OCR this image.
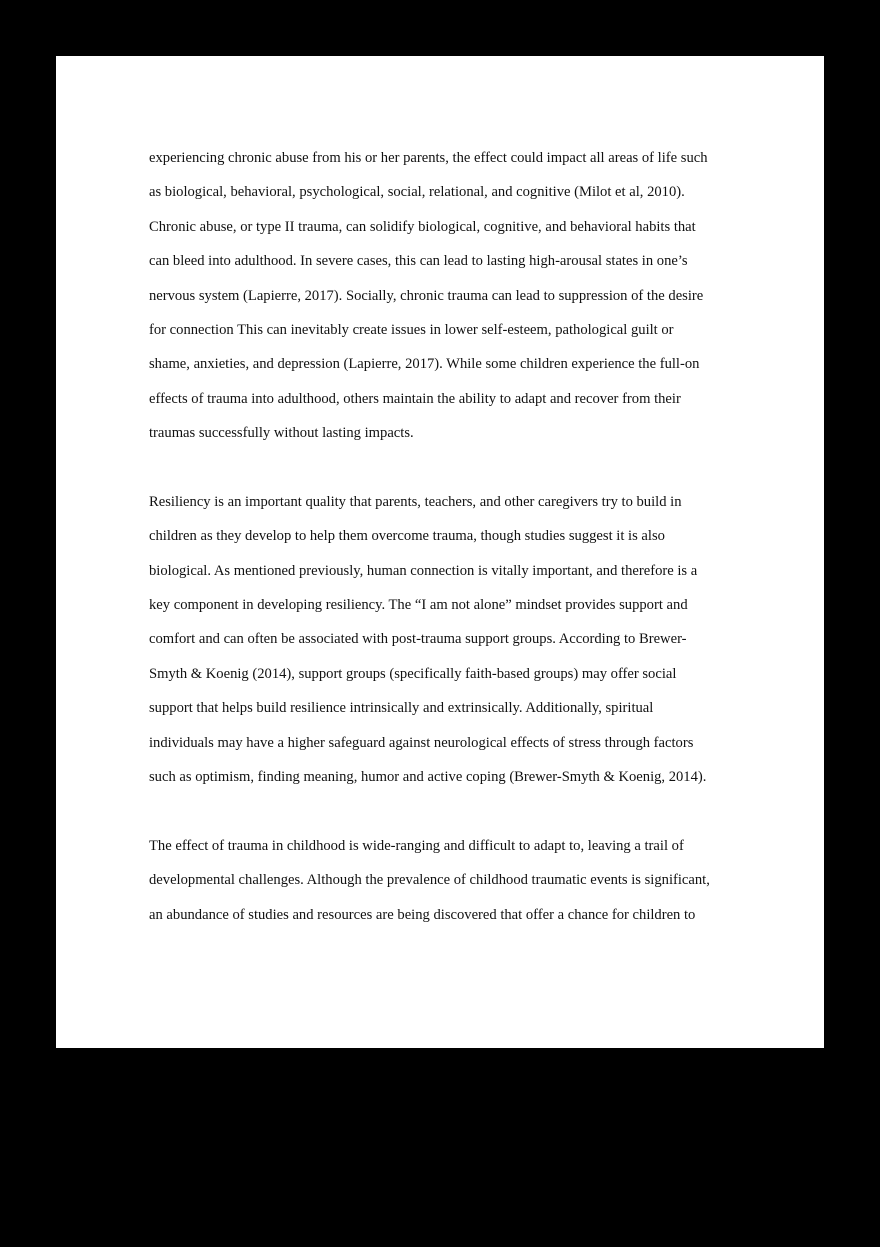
experiencing chronic abuse from his or her parents, the effect could impact all areas of life such
as biological, behavioral, psychological, social, relational, and cognitive (Milot et al, 2010).
Chronic abuse, or type II trauma, can solidify biological, cognitive, and behavioral habits that
can bleed into adulthood. In severe cases, this can lead to lasting high-arousal states in one’s
nervous system (Lapierre, 2017). Socially, chronic trauma can lead to suppression of the desire
for connection This can inevitably create issues in lower self-esteem, pathological guilt or
shame, anxieties, and depression (Lapierre, 2017). While some children experience the full-on
effects of trauma into adulthood, others maintain the ability to adapt and recover from their
traumas successfully without lasting impacts.
Resiliency is an important quality that parents, teachers, and other caregivers try to build in
children as they develop to help them overcome trauma, though studies suggest it is also
biological. As mentioned previously, human connection is vitally important, and therefore is a
key component in developing resiliency. The “I am not alone” mindset provides support and
comfort and can often be associated with post-trauma support groups. According to Brewer-
Smyth & Koenig (2014), support groups (specifically faith-based groups) may offer social
support that helps build resilience intrinsically and extrinsically. Additionally, spiritual
individuals may have a higher safeguard against neurological effects of stress through factors
such as optimism, finding meaning, humor and active coping (Brewer-Smyth & Koenig, 2014).
The effect of trauma in childhood is wide-ranging and difficult to adapt to, leaving a trail of
developmental challenges. Although the prevalence of childhood traumatic events is significant,
an abundance of studies and resources are being discovered that offer a chance for children to
